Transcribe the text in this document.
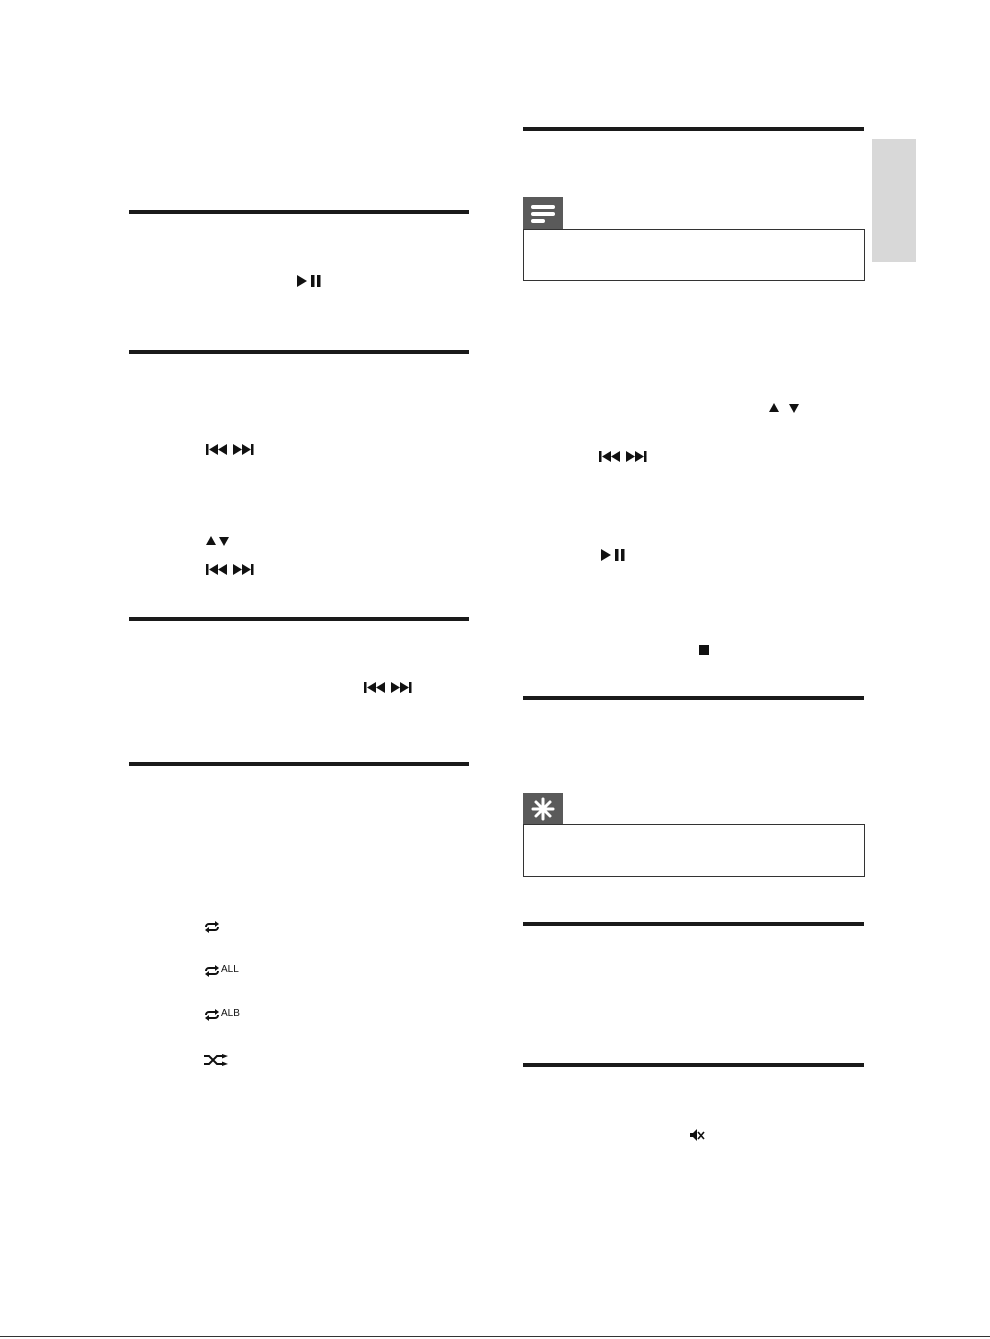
ALL
ALB
